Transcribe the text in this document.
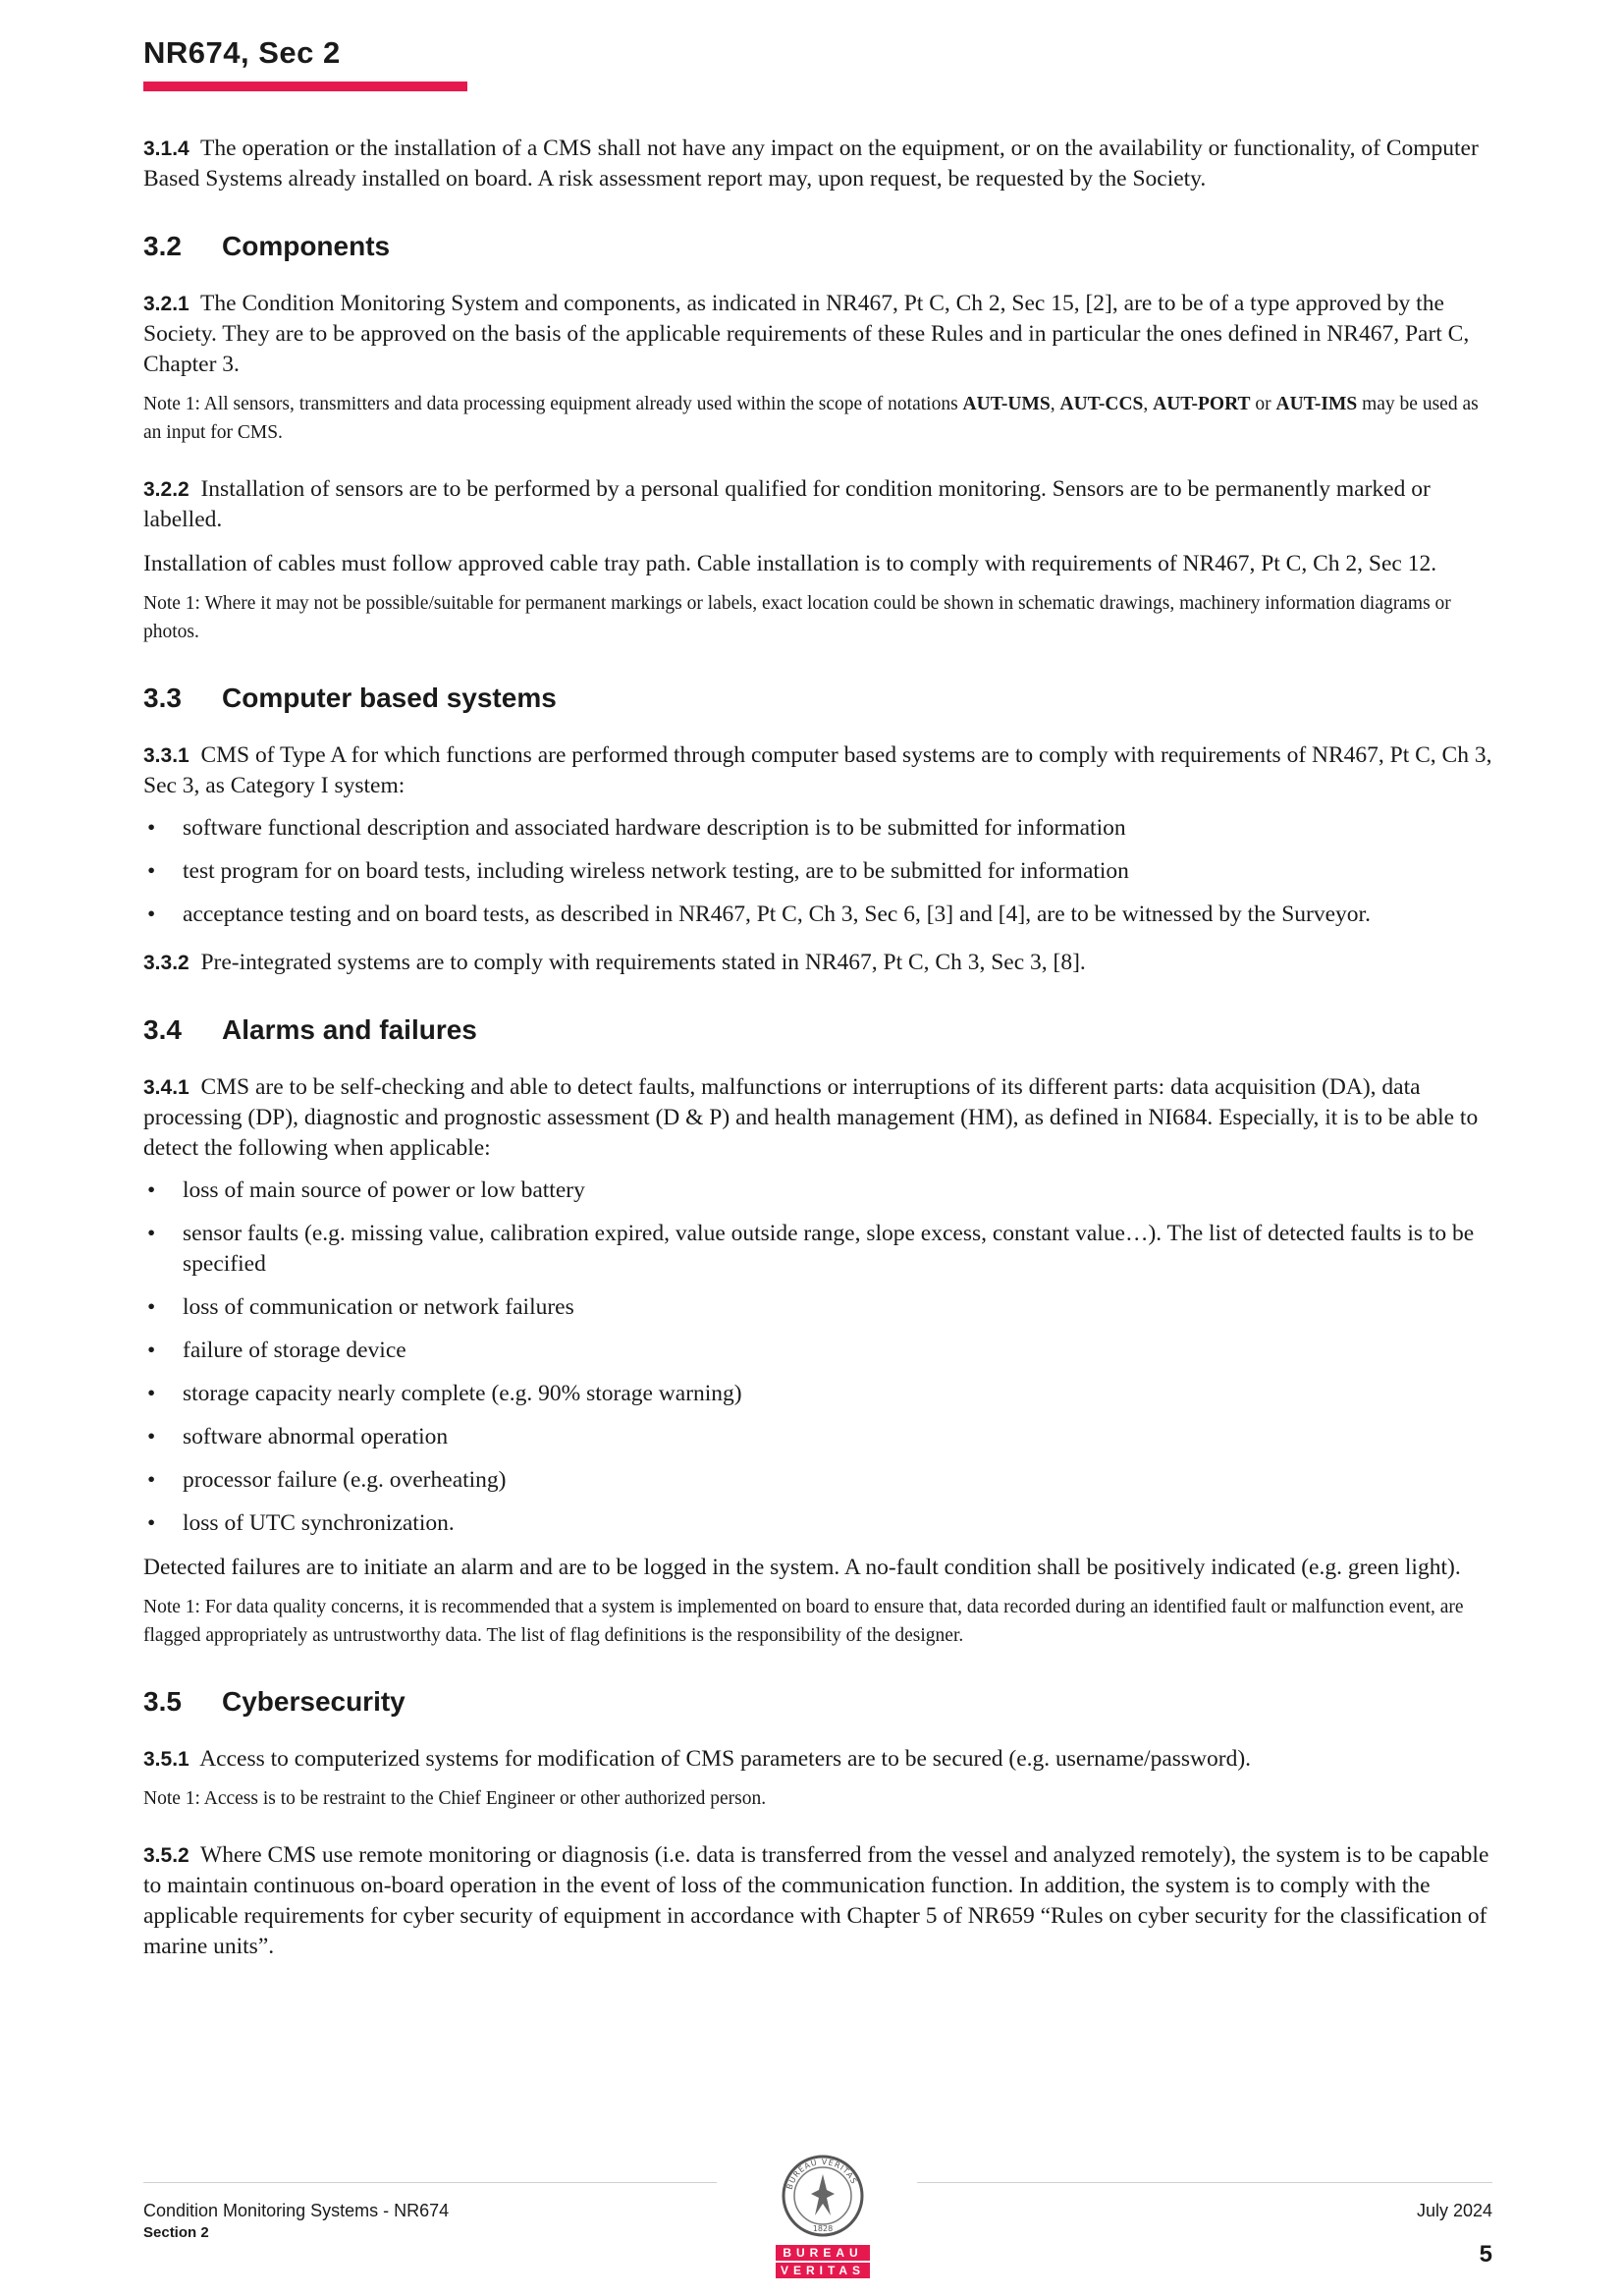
NR674, Sec 2

3.1.4 The operation or the installation of a CMS shall not have any impact on the equipment, or on the availability or functionality, of Computer Based Systems already installed on board. A risk assessment report may, upon request, be requested by the Society.

3.2 Components

3.2.1 The Condition Monitoring System and components, as indicated in NR467, Pt C, Ch 2, Sec 15, [2], are to be of a type approved by the Society. They are to be approved on the basis of the applicable requirements of these Rules and in particular the ones defined in NR467, Part C, Chapter 3.

Note 1: All sensors, transmitters and data processing equipment already used within the scope of notations AUT-UMS, AUT-CCS, AUT-PORT or AUT-IMS may be used as an input for CMS.

3.2.2 Installation of sensors are to be performed by a personal qualified for condition monitoring. Sensors are to be permanently marked or labelled.

Installation of cables must follow approved cable tray path. Cable installation is to comply with requirements of NR467, Pt C, Ch 2, Sec 12.

Note 1: Where it may not be possible/suitable for permanent markings or labels, exact location could be shown in schematic drawings, machinery information diagrams or photos.

3.3 Computer based systems

3.3.1 CMS of Type A for which functions are performed through computer based systems are to comply with requirements of NR467, Pt C, Ch 3, Sec 3, as Category I system:

• software functional description and associated hardware description is to be submitted for information
• test program for on board tests, including wireless network testing, are to be submitted for information
• acceptance testing and on board tests, as described in NR467, Pt C, Ch 3, Sec 6, [3] and [4], are to be witnessed by the Surveyor.

3.3.2 Pre-integrated systems are to comply with requirements stated in NR467, Pt C, Ch 3, Sec 3, [8].

3.4 Alarms and failures

3.4.1 CMS are to be self-checking and able to detect faults, malfunctions or interruptions of its different parts: data acquisition (DA), data processing (DP), diagnostic and prognostic assessment (D & P) and health management (HM), as defined in NI684. Especially, it is to be able to detect the following when applicable:

• loss of main source of power or low battery
• sensor faults (e.g. missing value, calibration expired, value outside range, slope excess, constant value…). The list of detected faults is to be specified
• loss of communication or network failures
• failure of storage device
• storage capacity nearly complete (e.g. 90% storage warning)
• software abnormal operation
• processor failure (e.g. overheating)
• loss of UTC synchronization.

Detected failures are to initiate an alarm and are to be logged in the system. A no-fault condition shall be positively indicated (e.g. green light).

Note 1: For data quality concerns, it is recommended that a system is implemented on board to ensure that, data recorded during an identified fault or malfunction event, are flagged appropriately as untrustworthy data. The list of flag definitions is the responsibility of the designer.

3.5 Cybersecurity

3.5.1 Access to computerized systems for modification of CMS parameters are to be secured (e.g. username/password).

Note 1: Access is to be restraint to the Chief Engineer or other authorized person.

3.5.2 Where CMS use remote monitoring or diagnosis (i.e. data is transferred from the vessel and analyzed remotely), the system is to be capable to maintain continuous on-board operation in the event of loss of the communication function. In addition, the system is to comply with the applicable requirements for cyber security of equipment in accordance with Chapter 5 of NR659 “Rules on cyber security for the classification of marine units”.

Condition Monitoring Systems - NR674
Section 2
July 2024
5
BUREAU VERITAS
1828
BUREAU
VERITAS
